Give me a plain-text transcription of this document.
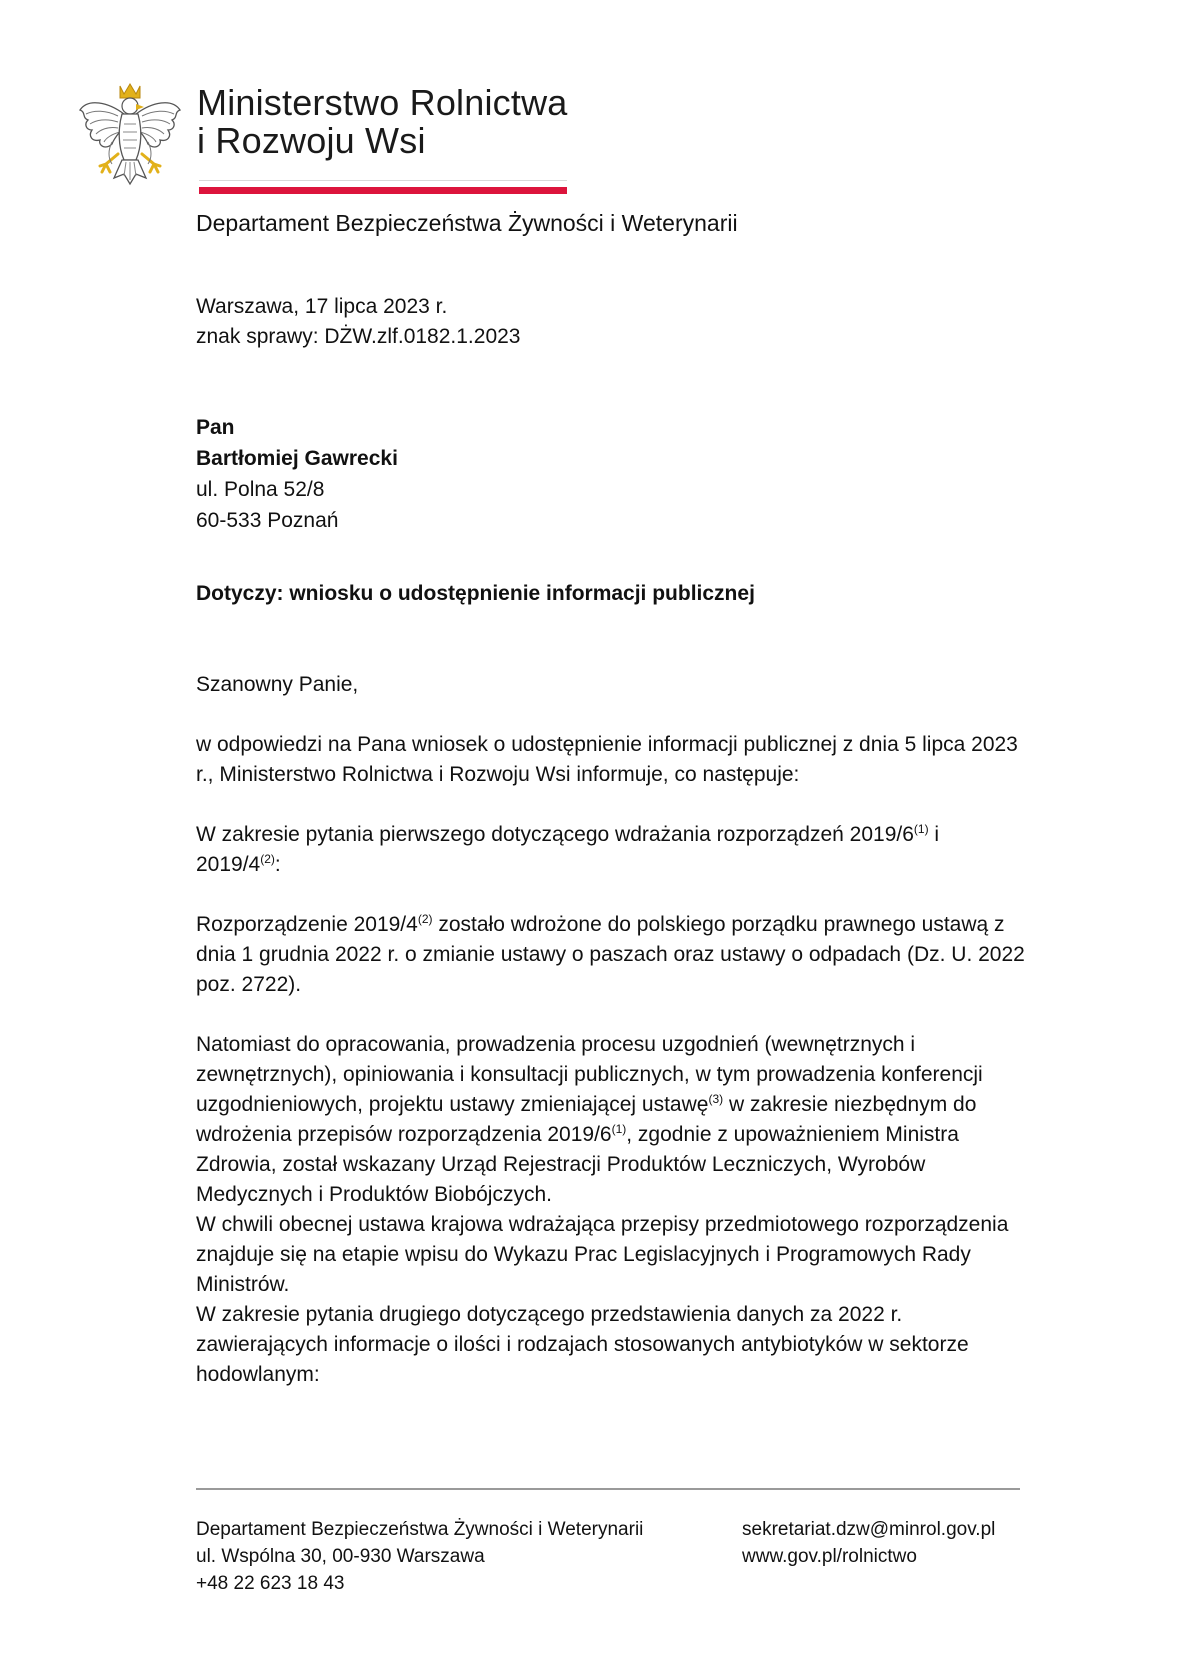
Ministerstwo Rolnictwa
i Rozwoju Wsi
Departament Bezpieczeństwa Żywności i Weterynarii
Warszawa, 17 lipca 2023 r.
znak sprawy: DŻW.zlf.0182.1.2023
Pan
Bartłomiej Gawrecki
ul. Polna 52/8
60-533 Poznań
Dotyczy: wniosku o udostępnienie informacji publicznej

Szanowny Panie,

w odpowiedzi na Pana wniosek o udostępnienie informacji publicznej z dnia 5 lipca 2023 r., Ministerstwo Rolnictwa i Rozwoju Wsi informuje, co następuje:

W zakresie pytania pierwszego dotyczącego wdrażania rozporządzeń 2019/6$^{(1)}$ i 2019/4$^{(2)}$:

Rozporządzenie 2019/4$^{(2)}$ zostało wdrożone do polskiego porządku prawnego ustawą z dnia 1 grudnia 2022 r. o zmianie ustawy o paszach oraz ustawy o odpadach (Dz. U. 2022 poz. 2722).

Natomiast do opracowania, prowadzenia procesu uzgodnień (wewnętrznych i zewnętrznych), opiniowania i konsultacji publicznych, w tym prowadzenia konferencji uzgodnieniowych, projektu ustawy zmieniającej ustawę$^{(3)}$ w zakresie niezbędnym do wdrożenia przepisów rozporządzenia 2019/6$^{(1)}$, zgodnie z upoważnieniem Ministra Zdrowia, został wskazany Urząd Rejestracji Produktów Leczniczych, Wyrobów Medycznych i Produktów Biobójczych.

W chwili obecnej ustawa krajowa wdrażająca przepisy przedmiotowego rozporządzenia znajduje się na etapie wpisu do Wykazu Prac Legislacyjnych i Programowych Rady Ministrów.

W zakresie pytania drugiego dotyczącego przedstawienia danych za 2022 r. zawierających informacje o ilości i rodzajach stosowanych antybiotyków w sektorze hodowlanym:

Departament Bezpieczeństwa Żywności i Weterynarii
ul. Wspólna 30, 00-930 Warszawa
+48 22 623 18 43
sekretariat.dzw@minrol.gov.pl
www.gov.pl/rolnictwo
